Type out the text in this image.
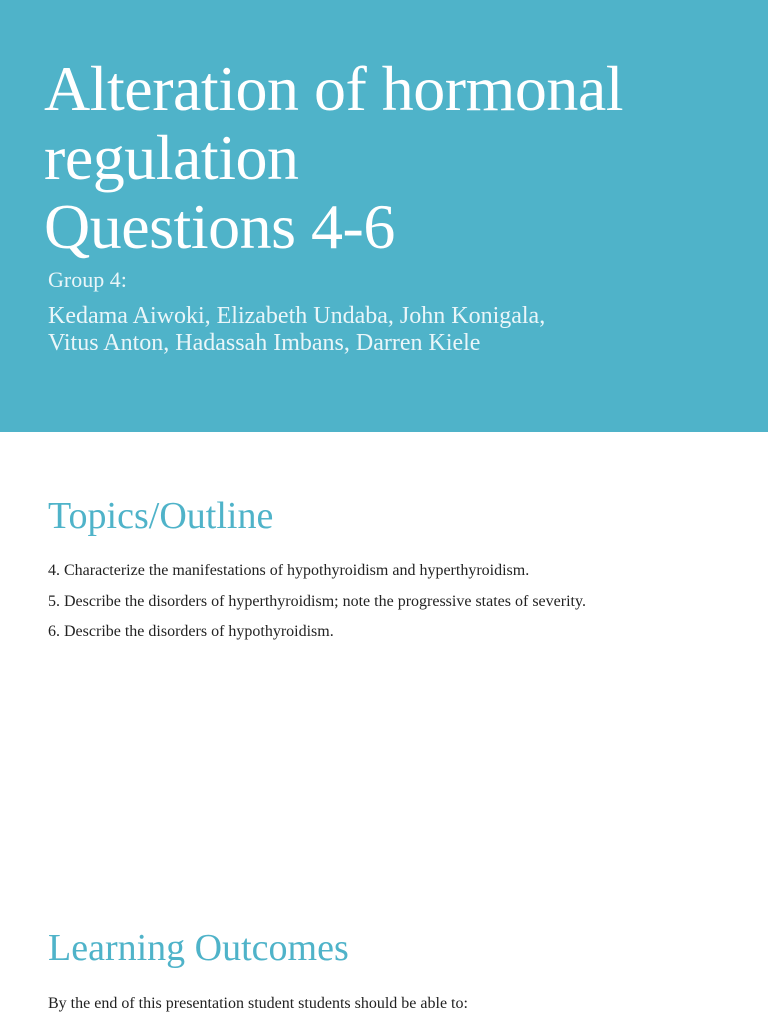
Alteration of hormonal
regulation
Questions 4-6
Group 4:
Kedama Aiwoki, Elizabeth Undaba, John Konigala,
Vitus Anton, Hadassah Imbans, Darren Kiele
Topics/Outline
4. Characterize the manifestations of hypothyroidism and hyperthyroidism.
5. Describe the disorders of hyperthyroidism; note the progressive states of severity.
6. Describe the disorders of hypothyroidism.
Learning Outcomes
By the end of this presentation student students should be able to:
